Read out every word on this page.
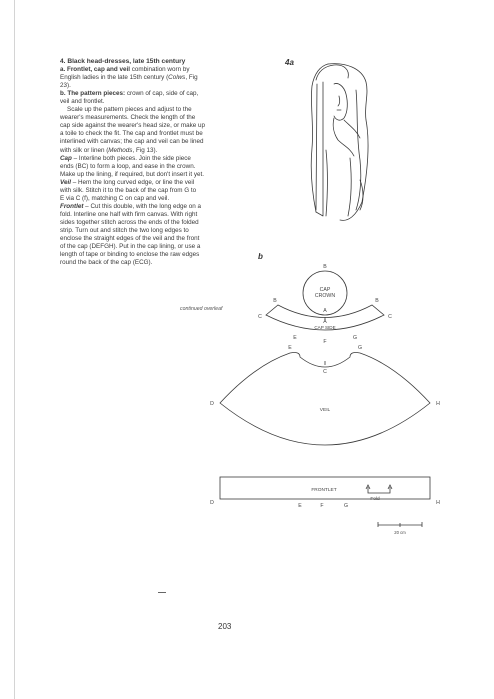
4. Black head-dresses, late 15th century

a. Frontlet, cap and veil combination worn by
English ladies in the late 15th century (Colws, Fig
23).

b. The pattern pieces: crown of cap, side of cap,
veil and frontlet.

Scale up the pattern pieces and adjust to the
wearer's measurements. Check the length of the
cap side against the wearer's head size, or make up
a toile to check the fit. The cap and frontlet must be
interlined with canvas; the cap and veil can be lined
with silk or linen (Methods, Fig 13).

Cap – Interline both pieces. Join the side piece
ends (BC) to form a loop, and ease in the crown.
Make up the lining, if required, but don't insert it yet.

Veil – Hem the long curved edge, or line the veil
with silk. Stitch it to the back of the cap from G to
E via C (f), matching C on cap and veil.

Frontlet – Cut this double, with the long edge on a
fold. Interline one half with firm canvas. With right
sides together stitch across the ends of the folded
strip. Turn out and stitch the two long edges to
enclose the straight edges of the veil and the front
of the cap (DEFGH). Put in the cap lining, or use a
length of tape or binding to enclose the raw edges
round the back of the cap (ECG).

continued overleaf
4a
b
CAP
CROWN
CAP SIDE
VEIL
FRONTLET
Fold
20 cm
B
A
A
B	B
C	C
E
F
G
E
C
G
D	H
D	H
E	F	G
203
